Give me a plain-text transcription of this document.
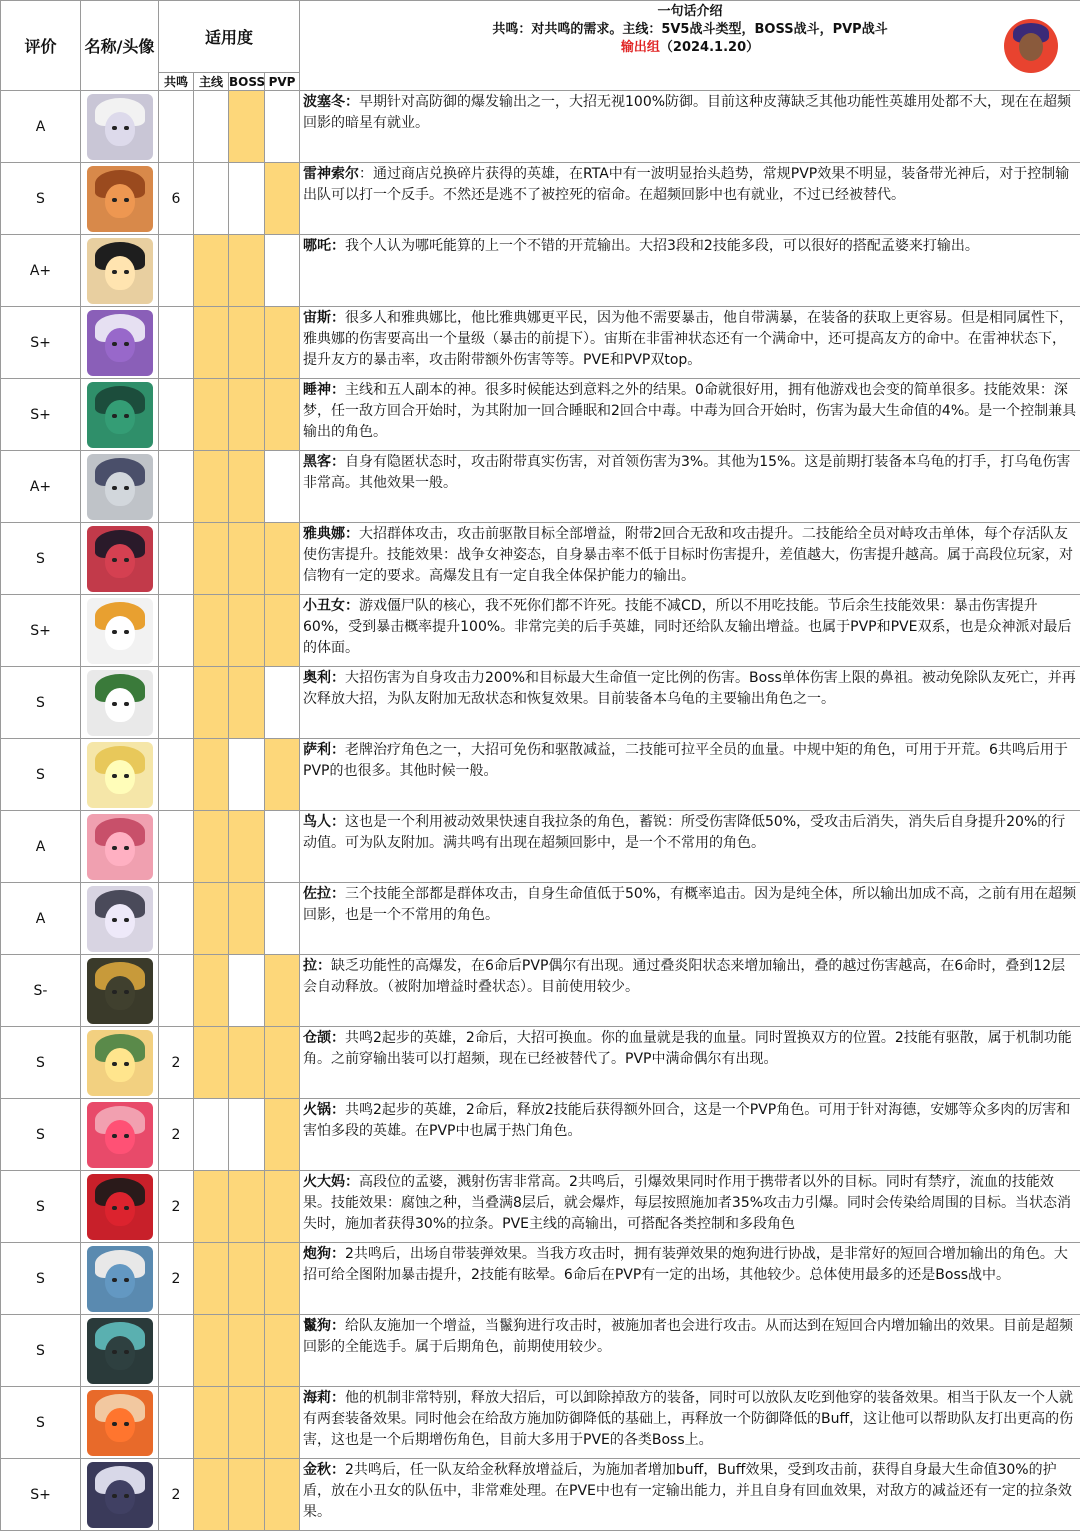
评价	名称/头像	适用度				一句话介绍
共鸣：对共鸣的需求。主线：5V5战斗类型，BOSS战斗，PVP战斗
输出组（2024.1.20）

		共鸣	主线	BOSS	PVP	
A						波塞冬：早期针对高防御的爆发输出之一，大招无视100%防御。目前这种皮薄缺乏其他功能性英雄用处都不大，现在在超频回影的暗星有就业。
S		6				雷神索尔：通过商店兑换碎片获得的英雄，在RTA中有一波明显抬头趋势，常规PVP效果不明显，装备带光神后，对于控制输出队可以打一个反手。不然还是逃不了被控死的宿命。在超频回影中也有就业，不过已经被替代。
A+						哪吒：我个人认为哪吒能算的上一个不错的开荒输出。大招3段和2技能多段，可以很好的搭配孟婆来打输出。
S+						宙斯：很多人和雅典娜比，他比雅典娜更平民，因为他不需要暴击，他自带满暴，在装备的获取上更容易。但是相同属性下，雅典娜的伤害要高出一个量级（暴击的前提下）。宙斯在非雷神状态还有一个满命中，还可提高友方的命中。在雷神状态下，提升友方的暴击率，攻击附带额外伤害等等。PVE和PVP双top。
S+						睡神：主线和五人副本的神。很多时候能达到意料之外的结果。0命就很好用，拥有他游戏也会变的简单很多。技能效果：深梦，任一敌方回合开始时，为其附加一回合睡眠和2回合中毒。中毒为回合开始时，伤害为最大生命值的4%。是一个控制兼具输出的角色。
A+						黑客：自身有隐匿状态时，攻击附带真实伤害，对首领伤害为3%。其他为15%。这是前期打装备本乌龟的打手，打乌龟伤害非常高。其他效果一般。
S						雅典娜：大招群体攻击，攻击前驱散目标全部增益，附带2回合无敌和攻击提升。二技能给全员对峙攻击单体，每个存活队友使伤害提升。技能效果：战争女神姿态，自身暴击率不低于目标时伤害提升，差值越大，伤害提升越高。属于高段位玩家，对信物有一定的要求。高爆发且有一定自我全体保护能力的输出。
S+						小丑女：游戏僵尸队的核心，我不死你们都不许死。技能不减CD，所以不用吃技能。节后余生技能效果：暴击伤害提升60%，受到暴击概率提升100%。非常完美的后手英雄，同时还给队友输出增益。也属于PVP和PVE双系，也是众神派对最后的体面。
S						奥利：大招伤害为自身攻击力200%和目标最大生命值一定比例的伤害。Boss单体伤害上限的鼻祖。被动免除队友死亡，并再次释放大招，为队友附加无敌状态和恢复效果。目前装备本乌龟的主要输出角色之一。
S						萨利：老牌治疗角色之一，大招可免伤和驱散减益，二技能可拉平全员的血量。中规中矩的角色，可用于开荒。6共鸣后用于PVP的也很多。其他时候一般。
A						鸟人：这也是一个利用被动效果快速自我拉条的角色，蓄锐：所受伤害降低50%，受攻击后消失，消失后自身提升20%的行动值。可为队友附加。满共鸣有出现在超频回影中，是一个不常用的角色。
A						佐拉：三个技能全部都是群体攻击，自身生命值低于50%，有概率追击。因为是纯全体，所以输出加成不高，之前有用在超频回影，也是一个不常用的角色。
S-						拉：缺乏功能性的高爆发，在6命后PVP偶尔有出现。通过叠炎阳状态来增加输出，叠的越过伤害越高，在6命时，叠到12层会自动释放。（被附加增益时叠状态）。目前使用较少。
S		2				仓颉：共鸣2起步的英雄，2命后，大招可换血。你的血量就是我的血量。同时置换双方的位置。2技能有驱散，属于机制功能角。之前穿输出装可以打超频，现在已经被替代了。PVP中满命偶尔有出现。
S		2				火锅：共鸣2起步的英雄，2命后，释放2技能后获得额外回合，这是一个PVP角色。可用于针对海德，安娜等众多肉的厉害和害怕多段的英雄。在PVP中也属于热门角色。
S		2				火大妈：高段位的孟婆，溅射伤害非常高。2共鸣后，引爆效果同时作用于携带者以外的目标。同时有禁疗，流血的技能效果。技能效果：腐蚀之种，当叠满8层后，就会爆炸，每层按照施加者35%攻击力引爆。同时会传染给周围的目标。当状态消失时，施加者获得30%的拉条。PVE主线的高输出，可搭配各类控制和多段角色
S		2				炮狗：2共鸣后，出场自带装弹效果。当我方攻击时，拥有装弹效果的炮狗进行协战，是非常好的短回合增加输出的角色。大招可给全图附加暴击提升，2技能有眩晕。6命后在PVP有一定的出场，其他较少。总体使用最多的还是Boss战中。
S						鬣狗：给队友施加一个增益，当鬣狗进行攻击时，被施加者也会进行攻击。从而达到在短回合内增加输出的效果。目前是超频回影的全能选手。属于后期角色，前期使用较少。
S						海莉：他的机制非常特别，释放大招后，可以卸除掉敌方的装备，同时可以放队友吃到他穿的装备效果。相当于队友一个人就有两套装备效果。同时他会在给敌方施加防御降低的基础上，再释放一个防御降低的Buff，这让他可以帮助队友打出更高的伤害，这也是一个后期增伤角色，目前大多用于PVE的各类Boss上。
S+		2				金秋：2共鸣后，任一队友给金秋释放增益后，为施加者增加buff，Buff效果，受到攻击前，获得自身最大生命值30%的护盾，放在小丑女的队伍中，非常难处理。在PVE中也有一定输出能力，并且自身有回血效果，对敌方的减益还有一定的拉条效果。
